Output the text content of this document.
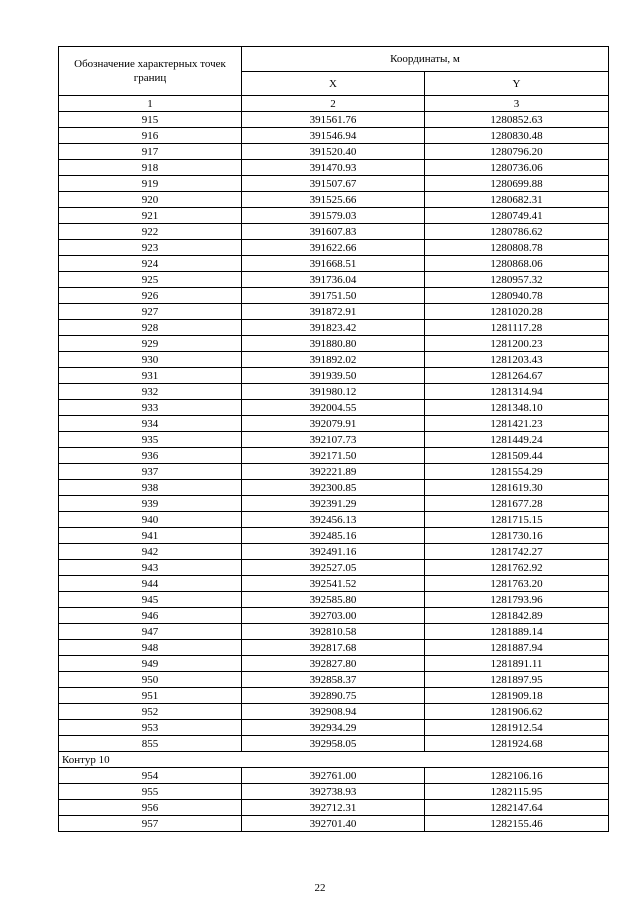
Обозначение характерных точек границ	Координаты, м	
	X	Y
1	2	3
915	391561.76	1280852.63
916	391546.94	1280830.48
917	391520.40	1280796.20
918	391470.93	1280736.06
919	391507.67	1280699.88
920	391525.66	1280682.31
921	391579.03	1280749.41
922	391607.83	1280786.62
923	391622.66	1280808.78
924	391668.51	1280868.06
925	391736.04	1280957.32
926	391751.50	1280940.78
927	391872.91	1281020.28
928	391823.42	1281117.28
929	391880.80	1281200.23
930	391892.02	1281203.43
931	391939.50	1281264.67
932	391980.12	1281314.94
933	392004.55	1281348.10
934	392079.91	1281421.23
935	392107.73	1281449.24
936	392171.50	1281509.44
937	392221.89	1281554.29
938	392300.85	1281619.30
939	392391.29	1281677.28
940	392456.13	1281715.15
941	392485.16	1281730.16
942	392491.16	1281742.27
943	392527.05	1281762.92
944	392541.52	1281763.20
945	392585.80	1281793.96
946	392703.00	1281842.89
947	392810.58	1281889.14
948	392817.68	1281887.94
949	392827.80	1281891.11
950	392858.37	1281897.95
951	392890.75	1281909.18
952	392908.94	1281906.62
953	392934.29	1281912.54
855	392958.05	1281924.68
Контур 10		
954	392761.00	1282106.16
955	392738.93	1282115.95
956	392712.31	1282147.64
957	392701.40	1282155.46
22
